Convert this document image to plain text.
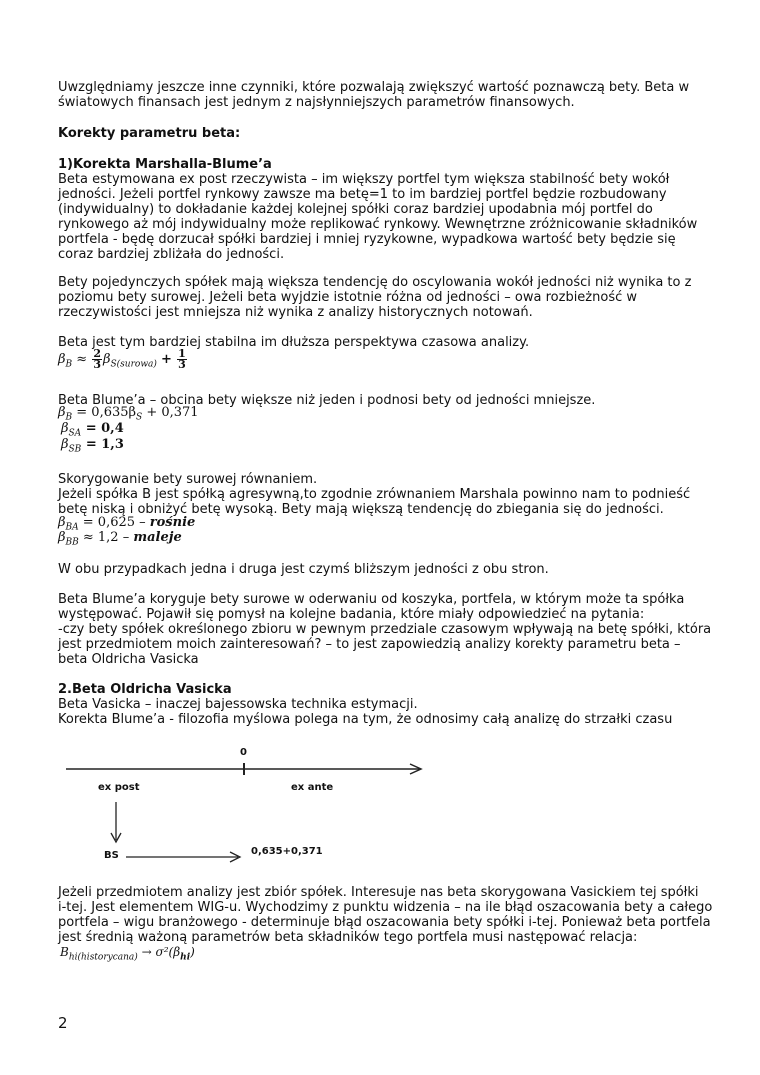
Uwzględniamy jeszcze inne czynniki, które pozwalają zwiększyć wartość poznawczą bety. Beta w
światowych finansach jest jednym z najsłynniejszych parametrów finansowych.
Korekty parametru beta:
1)Korekta Marshalla-Blume’a
Beta estymowana ex post rzeczywista – im większy portfel tym większa stabilność bety wokół
jedności. Jeżeli portfel rynkowy zawsze ma betę=1 to im bardziej portfel będzie rozbudowany
(indywidualny) to dokładanie każdej kolejnej spółki coraz bardziej upodabnia mój portfel do
rynkowego aż mój indywidualny może replikować rynkowy. Wewnętrzne zróżnicowanie składników
portfela - będę dorzucał spółki bardziej i mniej ryzykowne, wypadkowa wartość bety będzie się
coraz bardziej zbliżała do jedności.
Bety pojedynczych spółek mają większa tendencję do oscylowania wokół jedności niż wynika to z
poziomu bety surowej. Jeżeli beta wyjdzie istotnie różna od jedności – owa rozbieżność w
rzeczywistości jest mniejsza niż wynika z analizy historycznych notowań.
Beta jest tym bardziej stabilna im dłuższa perspektywa czasowa analizy.
$\beta_B \approx \frac{2}{3} \beta_{S(surowa)} + \frac{1}{3}$
Beta Blume’a – obcina bety większe niż jeden i podnosi bety od jedności mniejsze.
$\beta_B = 0,635\beta_S + 0,371$
$\beta_{SA} = 0,4$
$\beta_{SB} = 1,3$
Skorygowanie bety surowej równaniem.
Jeżeli spółka B jest spółką agresywną,to zgodnie zrównaniem Marshala powinno nam to podnieść
betę niską i obniżyć betę wysoką. Bety mają większą tendencję do zbiegania się do jedności.
$\beta_{BA} = 0,625$ – rośnie
$\beta_{BB} \approx 1,2$ – maleje
W obu przypadkach jedna i druga jest czymś bliższym jedności z obu stron.
Beta Blume’a koryguje bety surowe w oderwaniu od koszyka, portfela, w którym może ta spółka
występować. Pojawił się pomysł na kolejne badania, które miały odpowiedzieć na pytania:
-czy bety spółek określonego zbioru w pewnym przedziale czasowym wpływają na betę spółki, która
jest przedmiotem moich zainteresowań? – to jest zapowiedzią analizy korekty parametru beta –
beta Oldricha Vasicka
2.Beta Oldricha Vasicka
Beta Vasicka – inaczej bajessowska technika estymacji.
Korekta Blume’a - filozofia myślowa polega na tym, że odnosimy całą analizę do strzałki czasu
0
ex post	ex ante
BS	0,635+0,371
Jeżeli przedmiotem analizy jest zbiór spółek. Interesuje nas beta skorygowana Vasickiem tej spółki
i-tej. Jest elementem WIG-u. Wychodzimy z punktu widzenia – na ile błąd oszacowania bety a całego
portfela – wigu branżowego - determinuje błąd oszacowania bety spółki i-tej. Ponieważ beta portfela
jest średnią ważoną parametrów beta składników tego portfela musi następować relacja:
$B_{hi(historycana)} \to \sigma^2(\beta_{hi})$
2
